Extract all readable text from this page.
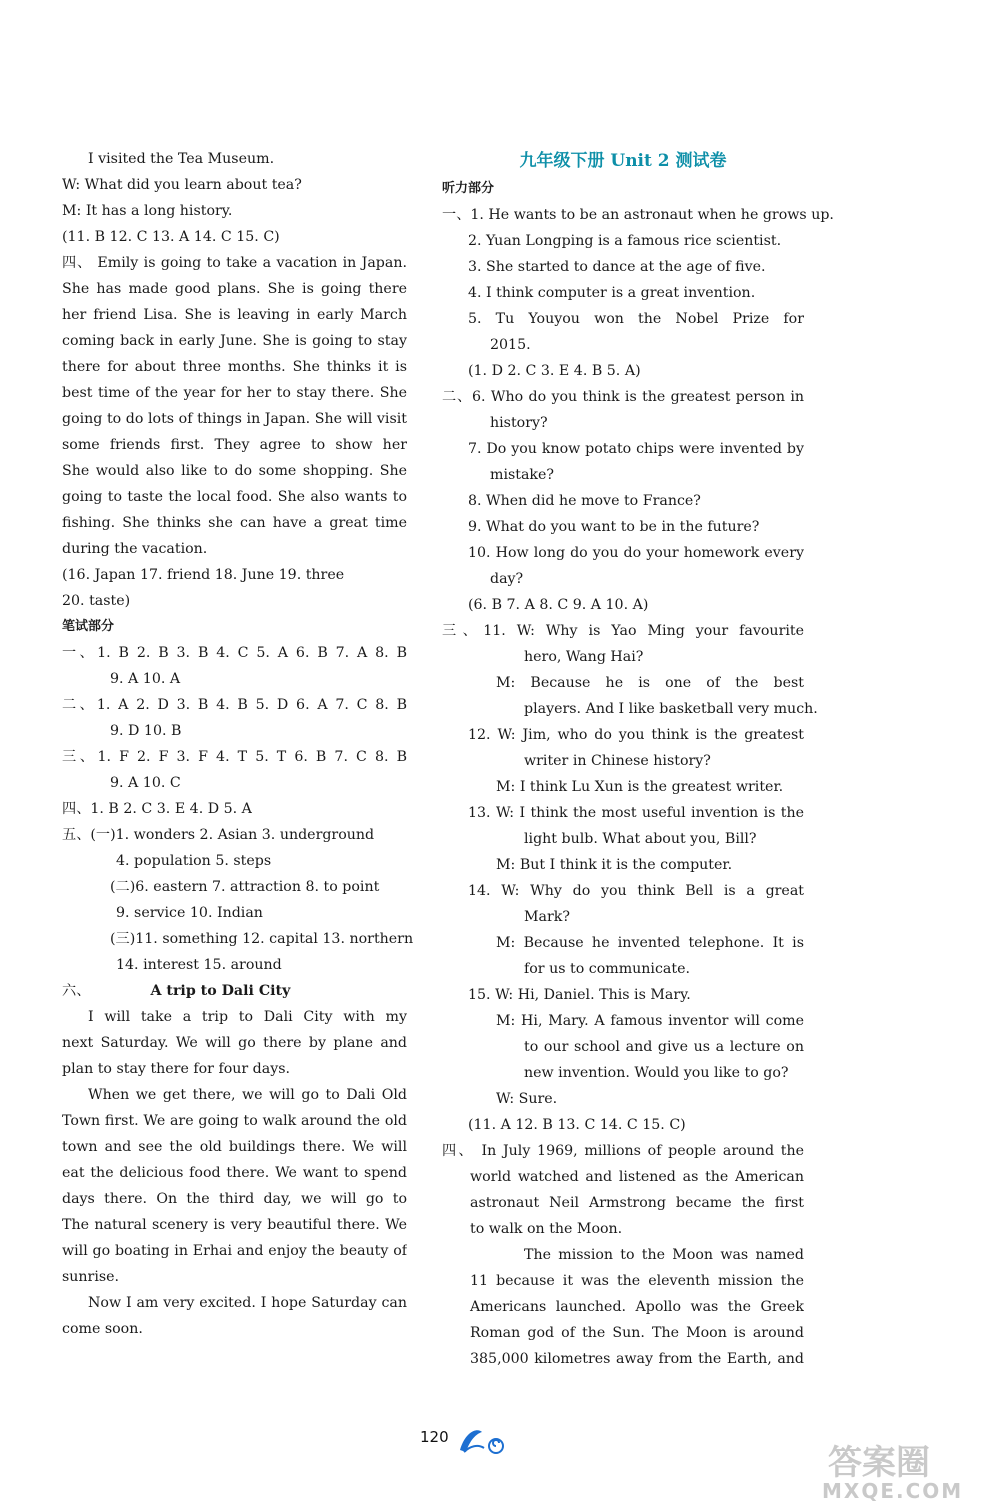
I visited the Tea Museum.
W: What did you learn about tea?
M: It has a long history.
(11. B 12. C 13. A 14. C 15. C)
四、 Emily is going to take a vacation in Japan.
She has made good plans. She is going there
her friend Lisa. She is leaving in early March
coming back in early June. She is going to stay
there for about three months. She thinks it is
best time of the year for her to stay there. She
going to do lots of things in Japan. She will visit
some friends first. They agree to show her
She would also like to do some shopping. She
going to taste the local food. She also wants to
fishing. She thinks she can have a great time
during the vacation.
(16. Japan 17. friend 18. June 19. three
20. taste)
笔试部分
一、1. B 2. B 3. B 4. C 5. A 6. B 7. A 8. B
9. A 10. A
二、1. A 2. D 3. B 4. B 5. D 6. A 7. C 8. B
9. D 10. B
三、1. F 2. F 3. F 4. T 5. T 6. B 7. C 8. B
9. A 10. C
四、1. B 2. C 3. E 4. D 5. A
五、(一)1. wonders 2. Asian 3. underground
4. population 5. steps
(二)6. eastern 7. attraction 8. to point
9. service 10. Indian
(三)11. something 12. capital 13. northern
14. interest 15. around
六、	A trip to Dali City
I will take a trip to Dali City with my
next Saturday. We will go there by plane and
plan to stay there for four days.
When we get there, we will go to Dali Old
Town first. We are going to walk around the old
town and see the old buildings there. We will
eat the delicious food there. We want to spend
days there. On the third day, we will go to
The natural scenery is very beautiful there. We
will go boating in Erhai and enjoy the beauty of
sunrise.
Now I am very excited. I hope Saturday can
come soon.
九年级下册 Unit 2 测试卷
听力部分
一、1. He wants to be an astronaut when he grows up.
2. Yuan Longping is a famous rice scientist.
3. She started to dance at the age of five.
4. I think computer is a great invention.
5. Tu Youyou won the Nobel Prize for
2015.
(1. D 2. C 3. E 4. B 5. A)
二、6. Who do you think is the greatest person in
history?
7. Do you know potato chips were invented by
mistake?
8. When did he move to France?
9. What do you want to be in the future?
10. How long do you do your homework every
day?
(6. B 7. A 8. C 9. A 10. A)
三、11. W: Why is Yao Ming your favourite
hero, Wang Hai?
M: Because he is one of the best
players. And I like basketball very much.
12. W: Jim, who do you think is the greatest
writer in Chinese history?
M: I think Lu Xun is the greatest writer.
13. W: I think the most useful invention is the
light bulb. What about you, Bill?
M: But I think it is the computer.
14. W: Why do you think Bell is a great
Mark?
M: Because he invented telephone. It is
for us to communicate.
15. W: Hi, Daniel. This is Mary.
M: Hi, Mary. A famous inventor will come
to our school and give us a lecture on
new invention. Would you like to go?
W: Sure.
(11. A 12. B 13. C 14. C 15. C)
四、 In July 1969, millions of people around the
world watched and listened as the American
astronaut Neil Armstrong became the first
to walk on the Moon.
The mission to the Moon was named
11 because it was the eleventh mission the
Americans launched. Apollo was the Greek
Roman god of the Sun. The Moon is around
385,000 kilometres away from the Earth, and
120
答案圈
MXQE.COM
